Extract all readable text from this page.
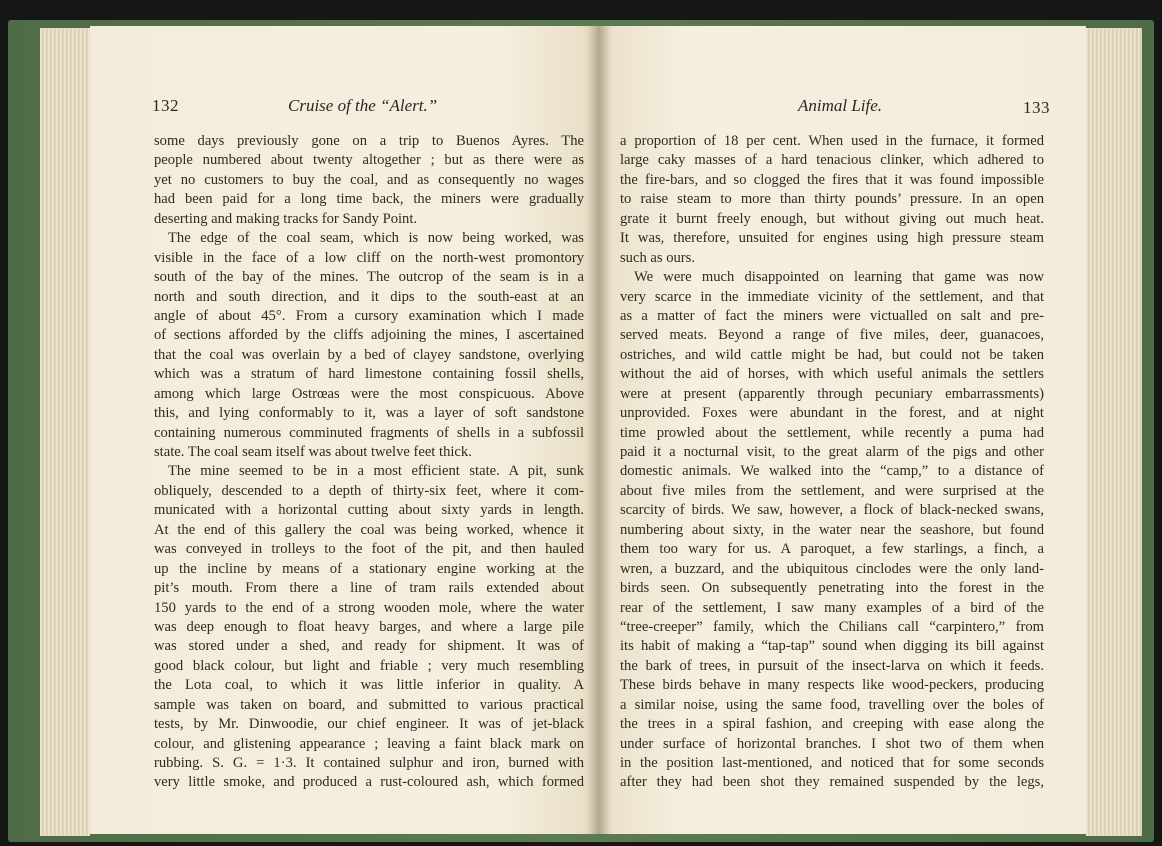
132	Cruise of the “Alert.”
some days previously gone on a trip to Buenos Ayres. The
people numbered about twenty altogether ; but as there were as
yet no customers to buy the coal, and as consequently no wages
had been paid for a long time back, the miners were gradually
deserting and making tracks for Sandy Point.
The edge of the coal seam, which is now being worked, was
visible in the face of a low cliff on the north-west promontory
south of the bay of the mines. The outcrop of the seam is in a
north and south direction, and it dips to the south-east at an
angle of about 45°. From a cursory examination which I made
of sections afforded by the cliffs adjoining the mines, I ascertained
that the coal was overlain by a bed of clayey sandstone, overlying
which was a stratum of hard limestone containing fossil shells,
among which large Ostrœas were the most conspicuous. Above
this, and lying conformably to it, was a layer of soft sandstone
containing numerous comminuted fragments of shells in a subfossil
state. The coal seam itself was about twelve feet thick.
The mine seemed to be in a most efficient state. A pit, sunk
obliquely, descended to a depth of thirty-six feet, where it com-
municated with a horizontal cutting about sixty yards in length.
At the end of this gallery the coal was being worked, whence it
was conveyed in trolleys to the foot of the pit, and then hauled
up the incline by means of a stationary engine working at the
pit’s mouth. From there a line of tram rails extended about
150 yards to the end of a strong wooden mole, where the water
was deep enough to float heavy barges, and where a large pile
was stored under a shed, and ready for shipment. It was of
good black colour, but light and friable ; very much resembling
the Lota coal, to which it was little inferior in quality. A
sample was taken on board, and submitted to various practical
tests, by Mr. Dinwoodie, our chief engineer. It was of jet-black
colour, and glistening appearance ; leaving a faint black mark on
rubbing. S. G. = 1·3. It contained sulphur and iron, burned with
very little smoke, and produced a rust-coloured ash, which formed
Animal Life.	133
a proportion of 18 per cent. When used in the furnace, it formed
large caky masses of a hard tenacious clinker, which adhered to
the fire-bars, and so clogged the fires that it was found impossible
to raise steam to more than thirty pounds’ pressure. In an open
grate it burnt freely enough, but without giving out much heat.
It was, therefore, unsuited for engines using high pressure steam
such as ours.
We were much disappointed on learning that game was now
very scarce in the immediate vicinity of the settlement, and that
as a matter of fact the miners were victualled on salt and pre-
served meats. Beyond a range of five miles, deer, guanacoes,
ostriches, and wild cattle might be had, but could not be taken
without the aid of horses, with which useful animals the settlers
were at present (apparently through pecuniary embarrassments)
unprovided. Foxes were abundant in the forest, and at night
time prowled about the settlement, while recently a puma had
paid it a nocturnal visit, to the great alarm of the pigs and other
domestic animals. We walked into the “camp,” to a distance of
about five miles from the settlement, and were surprised at the
scarcity of birds. We saw, however, a flock of black-necked swans,
numbering about sixty, in the water near the seashore, but found
them too wary for us. A paroquet, a few starlings, a finch, a
wren, a buzzard, and the ubiquitous cinclodes were the only land-
birds seen. On subsequently penetrating into the forest in the
rear of the settlement, I saw many examples of a bird of the
“tree-creeper” family, which the Chilians call “carpintero,” from
its habit of making a “tap-tap” sound when digging its bill against
the bark of trees, in pursuit of the insect-larva on which it feeds.
These birds behave in many respects like wood-peckers, producing
a similar noise, using the same food, travelling over the boles of
the trees in a spiral fashion, and creeping with ease along the
under surface of horizontal branches. I shot two of them when
in the position last-mentioned, and noticed that for some seconds
after they had been shot they remained suspended by the legs,
